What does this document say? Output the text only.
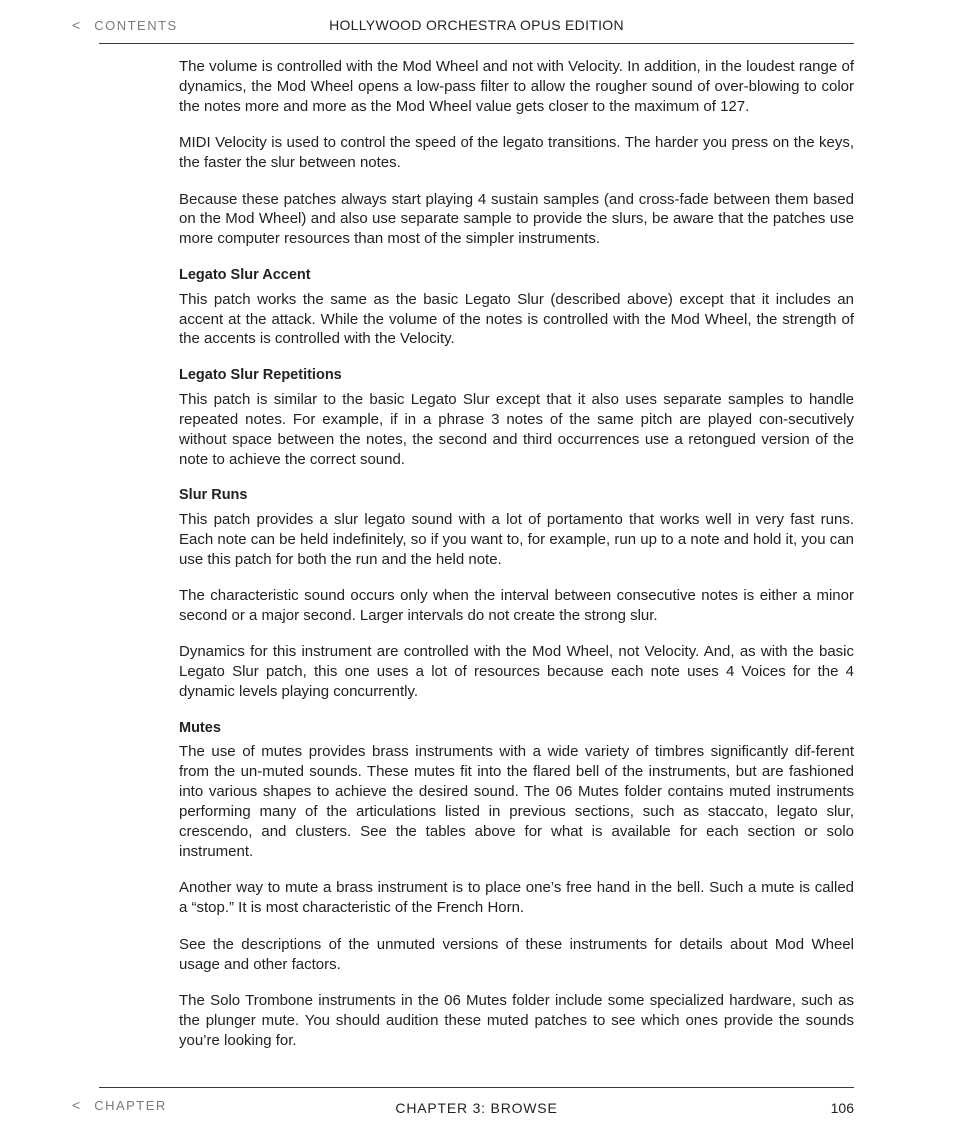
< CONTENTS	HOLLYWOOD ORCHESTRA OPUS EDITION

The volume is controlled with the Mod Wheel and not with Velocity. In addition, in the loudest range of dynamics, the Mod Wheel opens a low-pass filter to allow the rougher sound of over-blowing to color the notes more and more as the Mod Wheel value gets closer to the maximum of 127.

MIDI Velocity is used to control the speed of the legato transitions. The harder you press on the keys, the faster the slur between notes.

Because these patches always start playing 4 sustain samples (and cross-fade between them based on the Mod Wheel) and also use separate sample to provide the slurs, be aware that the patches use more computer resources than most of the simpler instruments.

Legato Slur Accent

This patch works the same as the basic Legato Slur (described above) except that it includes an accent at the attack. While the volume of the notes is controlled with the Mod Wheel, the strength of the accents is controlled with the Velocity.

Legato Slur Repetitions

This patch is similar to the basic Legato Slur except that it also uses separate samples to handle repeated notes. For example, if in a phrase 3 notes of the same pitch are played con-secutively without space between the notes, the second and third occurrences use a retongued version of the note to achieve the correct sound.

Slur Runs

This patch provides a slur legato sound with a lot of portamento that works well in very fast runs. Each note can be held indefinitely, so if you want to, for example, run up to a note and hold it, you can use this patch for both the run and the held note.

The characteristic sound occurs only when the interval between consecutive notes is either a minor second or a major second. Larger intervals do not create the strong slur.

Dynamics for this instrument are controlled with the Mod Wheel, not Velocity. And, as with the basic Legato Slur patch, this one uses a lot of resources because each note uses 4 Voices for the 4 dynamic levels playing concurrently.

Mutes

The use of mutes provides brass instruments with a wide variety of timbres significantly dif-ferent from the un-muted sounds. These mutes fit into the flared bell of the instruments, but are fashioned into various shapes to achieve the desired sound. The 06 Mutes folder contains muted instruments performing many of the articulations listed in previous sections, such as staccato, legato slur, crescendo, and clusters. See the tables above for what is available for each section or solo instrument.

Another way to mute a brass instrument is to place one’s free hand in the bell. Such a mute is called a “stop.” It is most characteristic of the French Horn.

See the descriptions of the unmuted versions of these instruments for details about Mod Wheel usage and other factors.

The Solo Trombone instruments in the 06 Mutes folder include some specialized hardware, such as the plunger mute. You should audition these muted patches to see which ones provide the sounds you’re looking for.

< CHAPTER	CHAPTER 3: BROWSE	106
